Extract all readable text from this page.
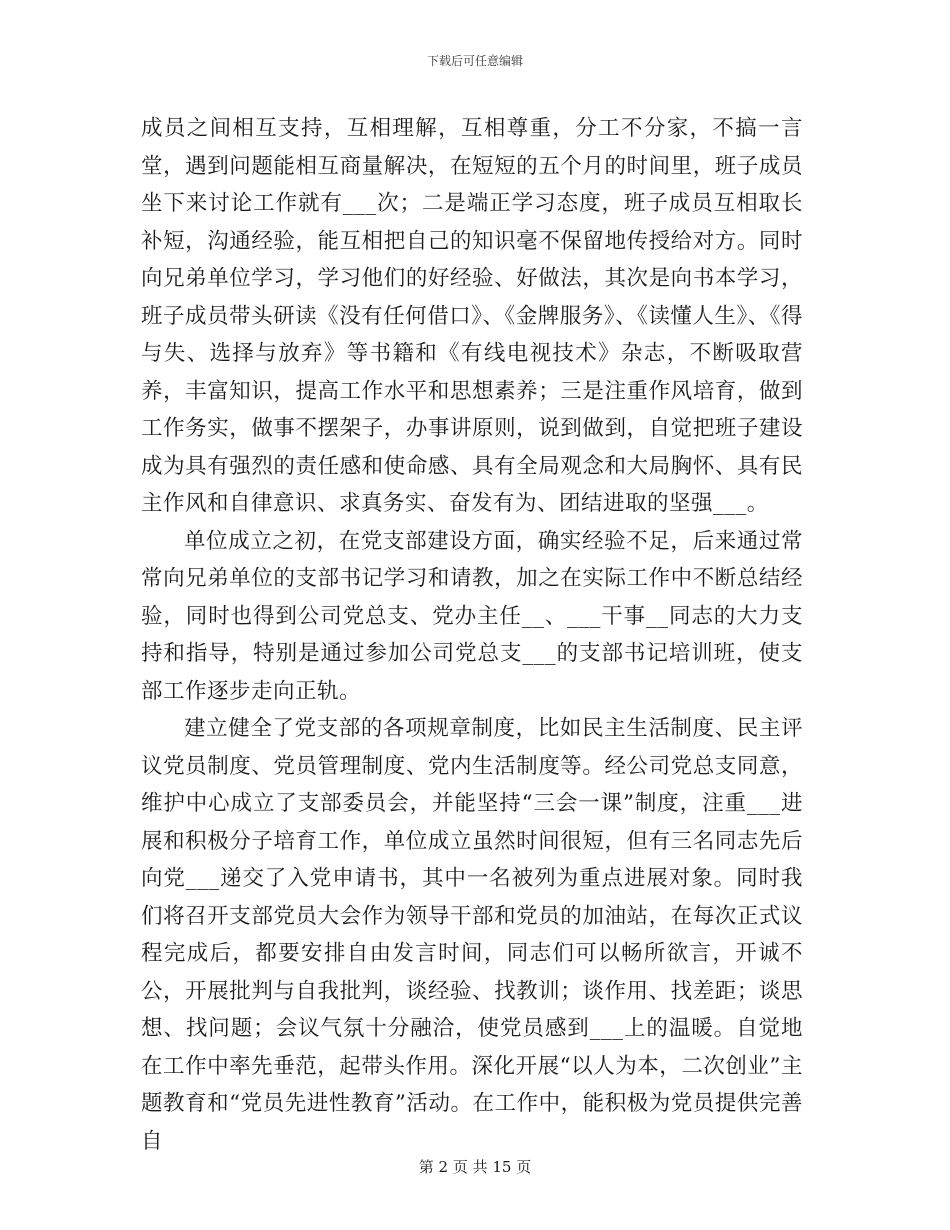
下载后可任意编辑

成员之间相互支持，互相理解，互相尊重，分工不分家，不搞一言堂，遇到问题能相互商量解决，在短短的五个月的时间里，班子成员坐下来讨论工作就有___次；二是端正学习态度，班子成员互相取长补短，沟通经验，能互相把自己的知识毫不保留地传授给对方。同时向兄弟单位学习，学习他们的好经验、好做法，其次是向书本学习，班子成员带头研读《没有任何借口》、《金牌服务》、《读懂人生》、《得与失、选择与放弃》等书籍和《有线电视技术》杂志，不断吸取营养，丰富知识，提高工作水平和思想素养；三是注重作风培育，做到工作务实，做事不摆架子，办事讲原则，说到做到，自觉把班子建设成为具有强烈的责任感和使命感、具有全局观念和大局胸怀、具有民主作风和自律意识、求真务实、奋发有为、团结进取的坚强___。

单位成立之初，在党支部建设方面，确实经验不足，后来通过常常向兄弟单位的支部书记学习和请教，加之在实际工作中不断总结经验，同时也得到公司党总支、党办主任__、___干事__同志的大力支持和指导，特别是通过参加公司党总支___的支部书记培训班，使支部工作逐步走向正轨。

建立健全了党支部的各项规章制度，比如民主生活制度、民主评议党员制度、党员管理制度、党内生活制度等。经公司党总支同意，维护中心成立了支部委员会，并能坚持“三会一课”制度，注重___进展和积极分子培育工作，单位成立虽然时间很短，但有三名同志先后向党___递交了入党申请书，其中一名被列为重点进展对象。同时我们将召开支部党员大会作为领导干部和党员的加油站，在每次正式议程完成后，都要安排自由发言时间，同志们可以畅所欲言，开诚不公，开展批判与自我批判，谈经验、找教训；谈作用、找差距；谈思想、找问题；会议气氛十分融洽，使党员感到___上的温暖。自觉地在工作中率先垂范，起带头作用。深化开展“以人为本，二次创业”主题教育和“党员先进性教育”活动。在工作中，能积极为党员提供完善自

第 2 页 共 15 页
